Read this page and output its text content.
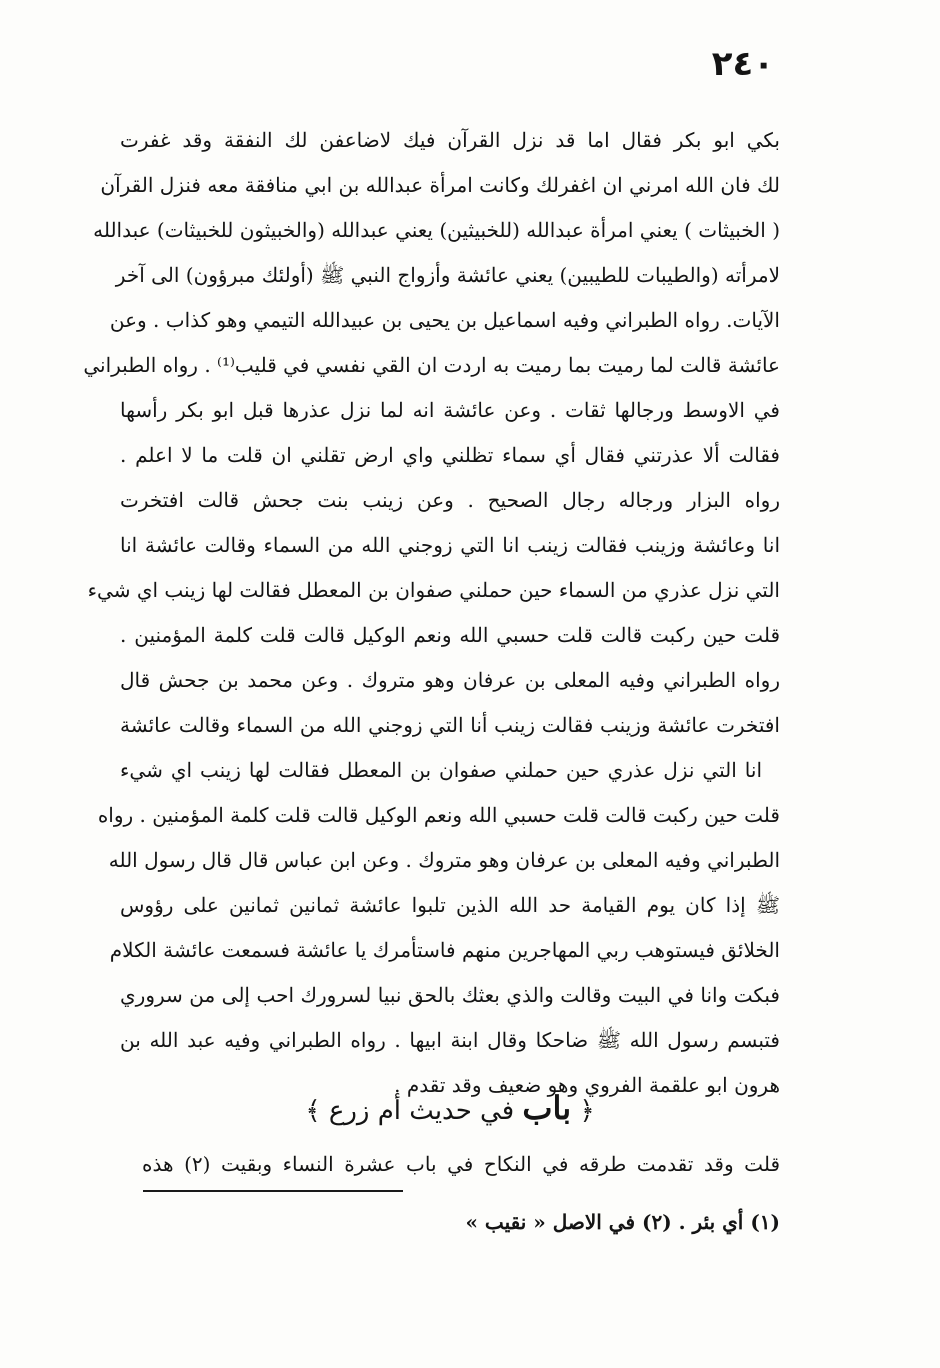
٢٤٠
بكي ابو بكر فقال اما قد نزل القرآن فيك لاضاعفن لك النفقة وقد غفرت
لك فان الله امرني ان اغفرلك وكانت امرأة عبدالله بن ابي منافقة معه فنزل القرآن
( الخبيثات ) يعني امرأة عبدالله (للخبيثين) يعني عبدالله (والخبيثون للخبيثات) عبدالله
لامرأته (والطيبات للطيبين) يعني عائشة وأزواج النبي ﷺ (أولئك مبرؤون) الى آخر
الآيات. رواه الطبراني وفيه اسماعيل بن يحيى بن عبيدالله التيمي وهو كذاب . وعن
عائشة قالت لما رميت بما رميت به اردت ان القي نفسي في قليب⁽¹⁾ . رواه الطبراني
في الاوسط ورجالها ثقات . وعن عائشة انه لما نزل عذرها قبل ابو بكر رأسها
فقالت ألا عذرتني فقال أي سماء تظلني واي ارض تقلني ان قلت ما لا اعلم .
رواه البزار ورجاله رجال الصحيح . وعن زينب بنت جحش قالت افتخرت
انا وعائشة وزينب فقالت زينب انا التي زوجني الله من السماء وقالت عائشة انا
التي نزل عذري من السماء حين حملني صفوان بن المعطل فقالت لها زينب اي شيء
قلت حين ركبت قالت قلت حسبي الله ونعم الوكيل قالت قلت كلمة المؤمنين .
رواه الطبراني وفيه المعلى بن عرفان وهو متروك . وعن محمد بن جحش قال
افتخرت عائشة وزينب فقالت زينب أنا التي زوجني الله من السماء وقالت عائشة
انا التي نزل عذري حين حملني صفوان بن المعطل فقالت لها زينب اي شيء
قلت حين ركبت قالت قلت حسبي الله ونعم الوكيل قالت قلت كلمة المؤمنين . رواه
الطبراني وفيه المعلى بن عرفان وهو متروك . وعن ابن عباس قال قال رسول الله
ﷺ إذا كان يوم القيامة حد الله الذين تلبوا عائشة ثمانين ثمانين على رؤوس
الخلائق فيستوهب ربي المهاجرين منهم فاستأمرك يا عائشة فسمعت عائشة الكلام
فبكت وانا في البيت وقالت والذي بعثك بالحق نبيا لسرورك احب إلى من سروري
فتبسم رسول الله ﷺ ضاحكا وقال ابنة ابيها . رواه الطبراني وفيه عبد الله بن
هرون ابو علقمة الفروي وهو ضعيف وقد تقدم .
﴿ باب في حديث أم زرع ﴾
قلت وقد تقدمت طرقه في النكاح في باب عشرة النساء وبقيت (٢) هذه
(١) أي بئر . (٢) في الاصل « نقيب »
